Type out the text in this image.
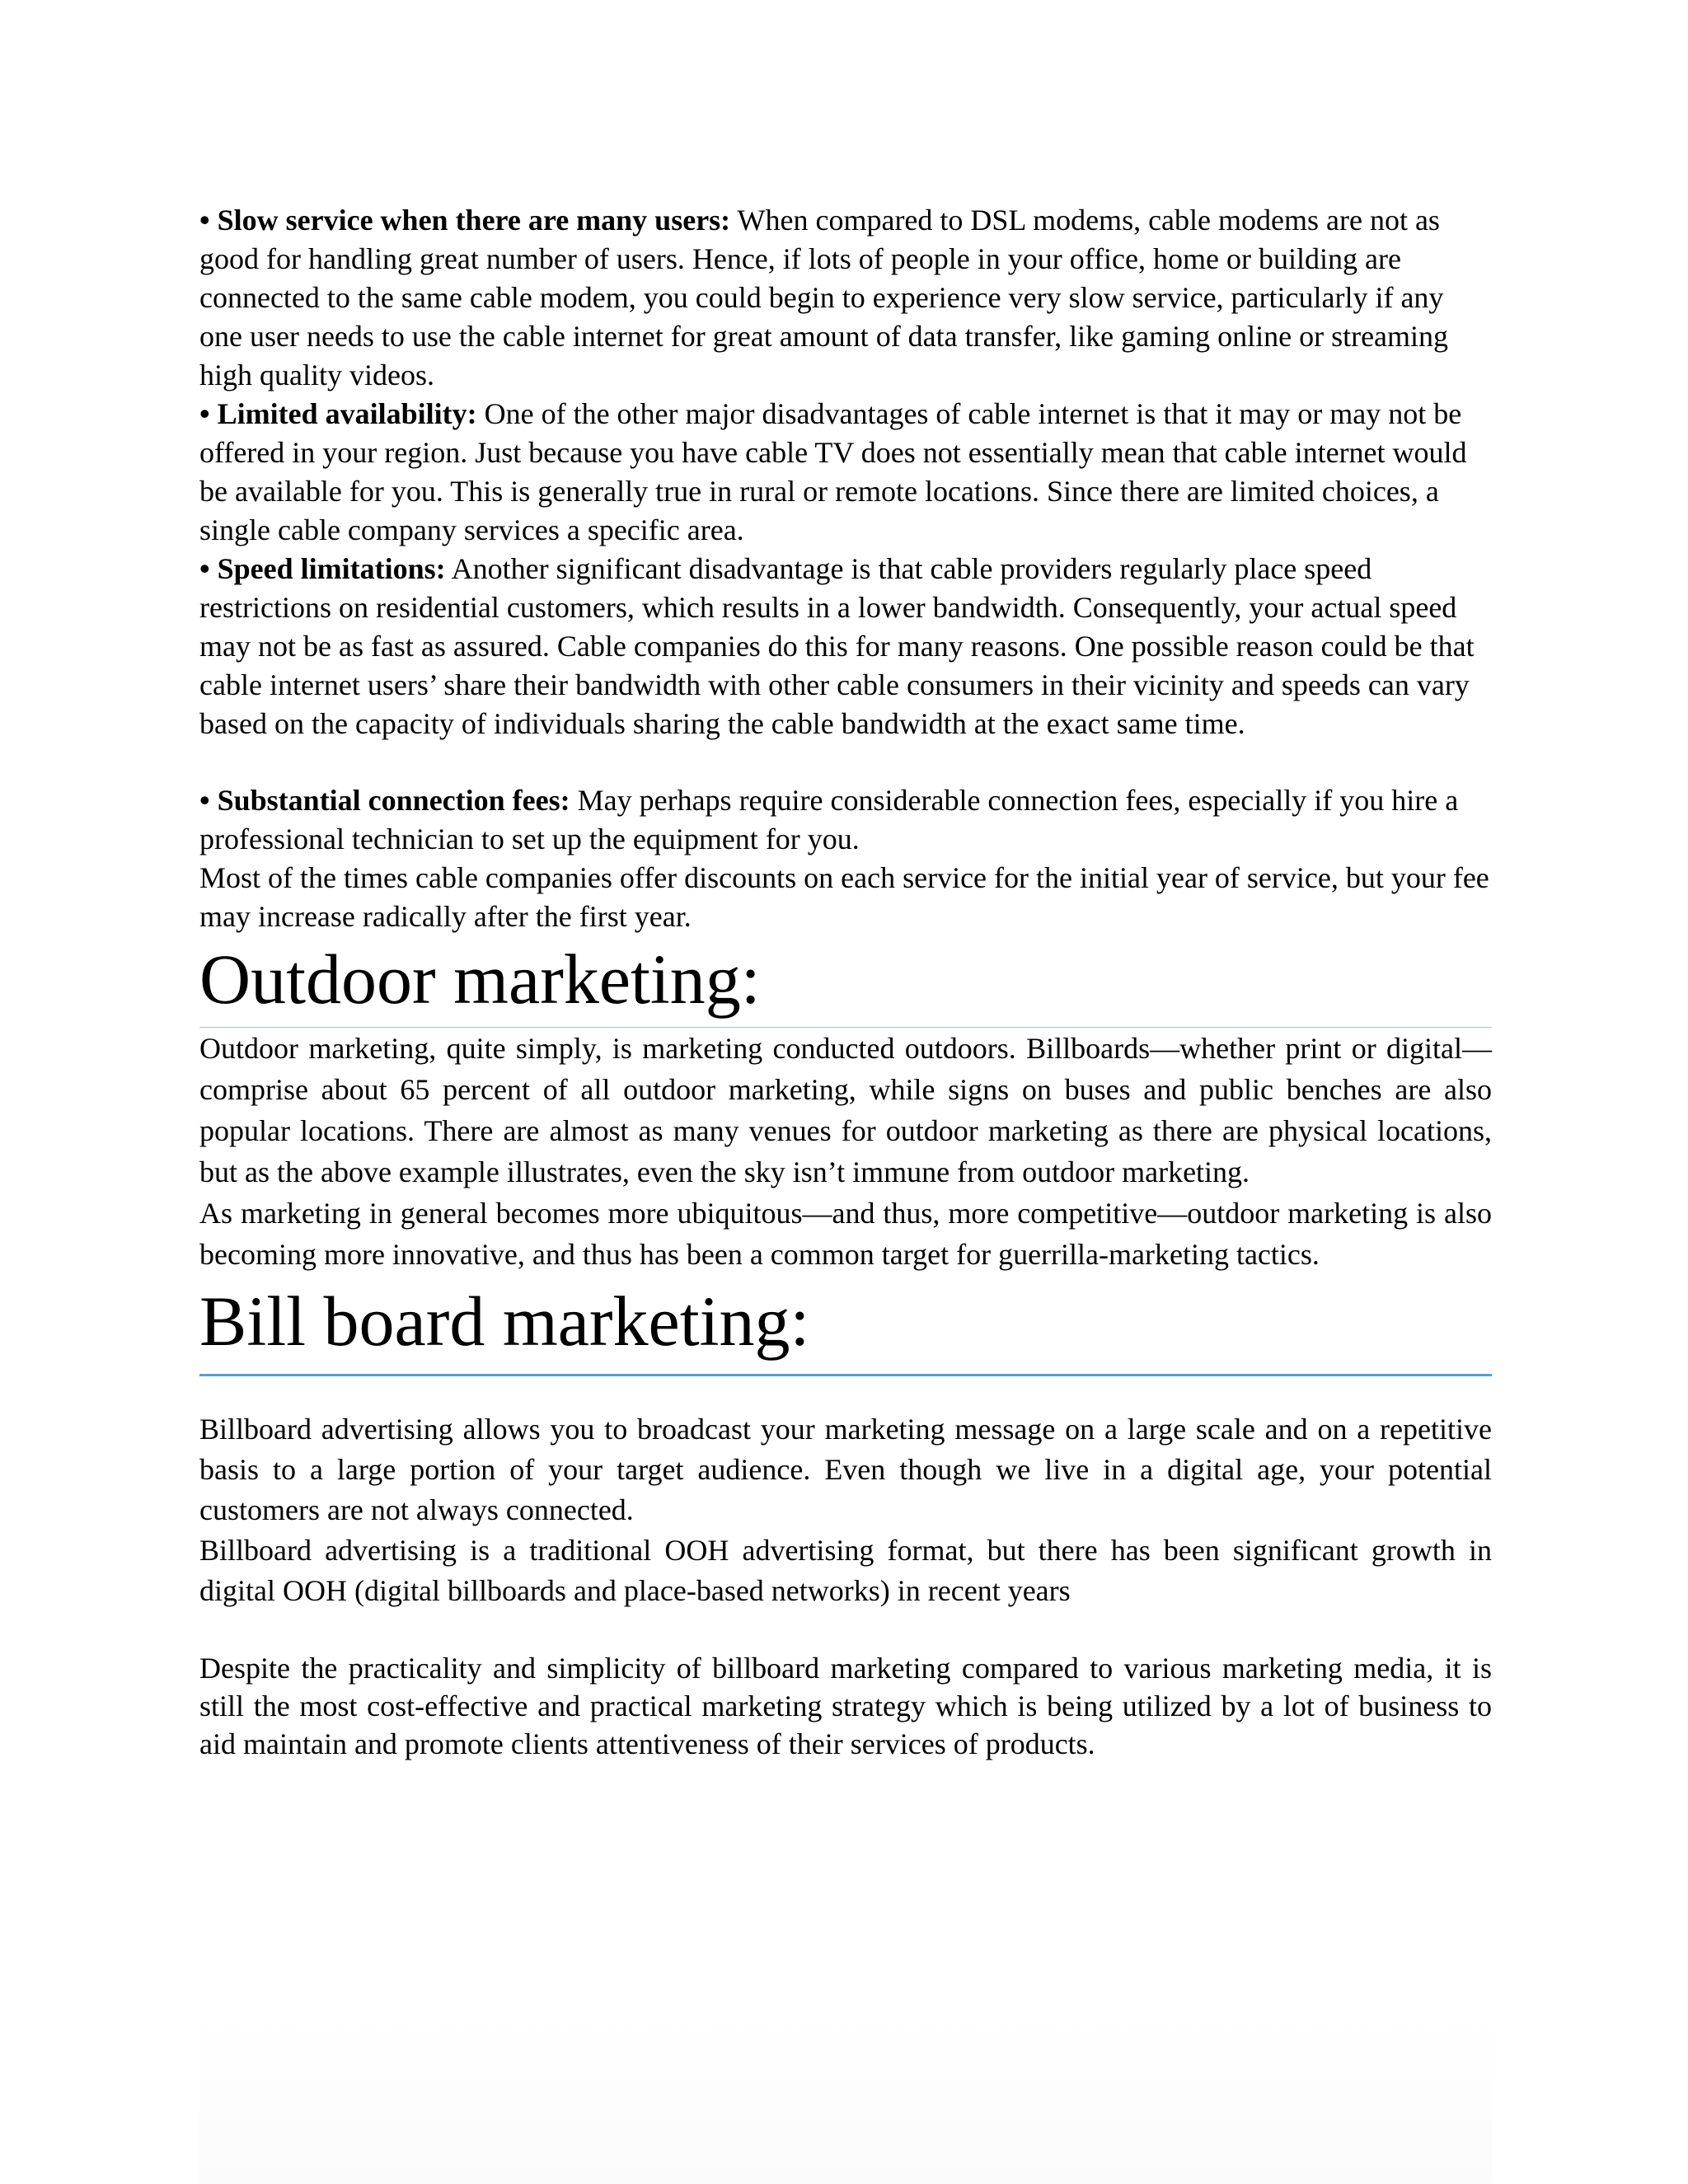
• Slow service when there are many users: When compared to DSL modems, cable modems are not as good for handling great number of users. Hence, if lots of people in your office, home or building are connected to the same cable modem, you could begin to experience very slow service, particularly if any one user needs to use the cable internet for great amount of data transfer, like gaming online or streaming high quality videos.

• Limited availability: One of the other major disadvantages of cable internet is that it may or may not be offered in your region. Just because you have cable TV does not essentially mean that cable internet would be available for you. This is generally true in rural or remote locations. Since there are limited choices, a single cable company services a specific area.

• Speed limitations: Another significant disadvantage is that cable providers regularly place speed restrictions on residential customers, which results in a lower bandwidth. Consequently, your actual speed may not be as fast as assured. Cable companies do this for many reasons. One possible reason could be that cable internet users’ share their bandwidth with other cable consumers in their vicinity and speeds can vary based on the capacity of individuals sharing the cable bandwidth at the exact same time.

• Substantial connection fees: May perhaps require considerable connection fees, especially if you hire a professional technician to set up the equipment for you.

Most of the times cable companies offer discounts on each service for the initial year of service, but your fee may increase radically after the first year.

Outdoor marketing:

Outdoor marketing, quite simply, is marketing conducted outdoors. Billboards—whether print or digital—comprise about 65 percent of all outdoor marketing, while signs on buses and public benches are also popular locations. There are almost as many venues for outdoor marketing as there are physical locations, but as the above example illustrates, even the sky isn’t immune from outdoor marketing.

As marketing in general becomes more ubiquitous—and thus, more competitive—outdoor marketing is also becoming more innovative, and thus has been a common target for guerrilla-marketing tactics.

Bill board marketing:

Billboard advertising allows you to broadcast your marketing message on a large scale and on a repetitive basis to a large portion of your target audience. Even though we live in a digital age, your potential customers are not always connected.

Billboard advertising is a traditional OOH advertising format, but there has been significant growth in digital OOH (digital billboards and place-based networks) in recent years

Despite the practicality and simplicity of billboard marketing compared to various marketing media, it is still the most cost-effective and practical marketing strategy which is being utilized by a lot of business to aid maintain and promote clients attentiveness of their services of products.
